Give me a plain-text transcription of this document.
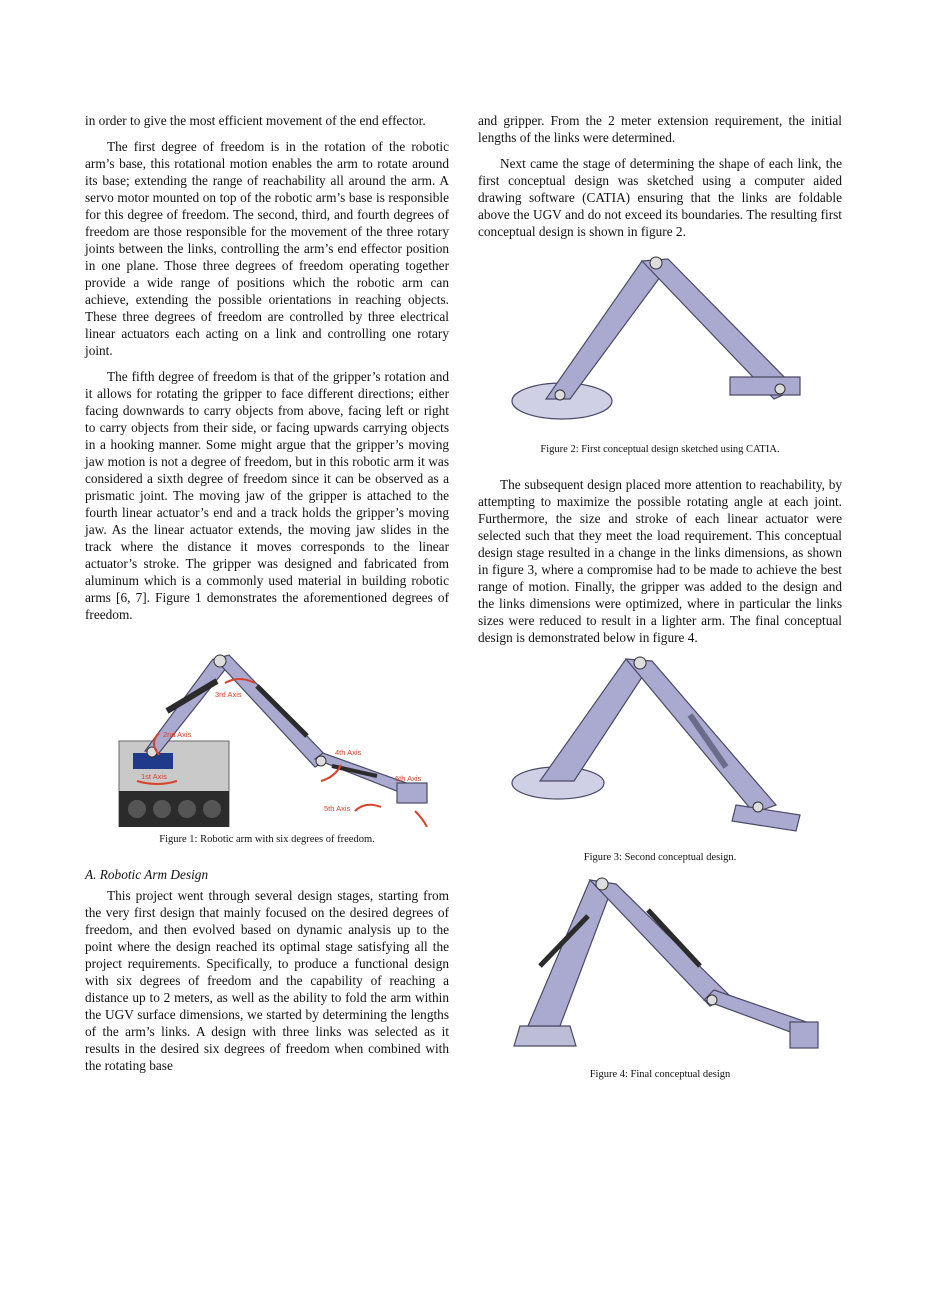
in order to give the most efficient movement of the end effector.

The first degree of freedom is in the rotation of the robotic arm’s base, this rotational motion enables the arm to rotate around its base; extending the range of reachability all around the arm. A servo motor mounted on top of the robotic arm’s base is responsible for this degree of freedom. The second, third, and fourth degrees of freedom are those responsible for the movement of the three rotary joints between the links, controlling the arm’s end effector position in one plane. Those three degrees of freedom operating together provide a wide range of positions which the robotic arm can achieve, extending the possible orientations in reaching objects. These three degrees of freedom are controlled by three electrical linear actuators each acting on a link and controlling one rotary joint.

The fifth degree of freedom is that of the gripper’s rotation and it allows for rotating the gripper to face different directions; either facing downwards to carry objects from above, facing left or right to carry objects from their side, or facing upwards carrying objects in a hooking manner. Some might argue that the gripper’s moving jaw motion is not a degree of freedom, but in this robotic arm it was considered a sixth degree of freedom since it can be observed as a prismatic joint. The moving jaw of the gripper is attached to the fourth linear actuator’s end and a track holds the gripper’s moving jaw. As the linear actuator extends, the moving jaw slides in the track where the distance it moves corresponds to the linear actuator’s stroke. The gripper was designed and fabricated from aluminum which is a commonly used material in building robotic arms [6, 7]. Figure 1 demonstrates the aforementioned degrees of freedom.

1st Axis
2nd Axis
3rd Axis
4th Axis
5th Axis
6th Axis
Figure 1: Robotic arm with six degrees of freedom.
A. Robotic Arm Design

This project went through several design stages, starting from the very first design that mainly focused on the desired degrees of freedom, and then evolved based on dynamic analysis up to the point where the design reached its optimal stage satisfying all the project requirements. Specifically, to produce a functional design with six degrees of freedom and the capability of reaching a distance up to 2 meters, as well as the ability to fold the arm within the UGV surface dimensions, we started by determining the lengths of the arm’s links. A design with three links was selected as it results in the desired six degrees of freedom when combined with the rotating base

and gripper. From the 2 meter extension requirement, the initial lengths of the links were determined.

Next came the stage of determining the shape of each link, the first conceptual design was sketched using a computer aided drawing software (CATIA) ensuring that the links are foldable above the UGV and do not exceed its boundaries. The resulting first conceptual design is shown in figure 2.

Figure 2: First conceptual design sketched using CATIA.

The subsequent design placed more attention to reachability, by attempting to maximize the possible rotating angle at each joint. Furthermore, the size and stroke of each linear actuator were selected such that they meet the load requirement. This conceptual design stage resulted in a change in the links dimensions, as shown in figure 3, where a compromise had to be made to achieve the best range of motion. Finally, the gripper was added to the design and the links dimensions were optimized, where in particular the links sizes were reduced to result in a lighter arm. The final conceptual design is demonstrated below in figure 4.

Figure 3: Second conceptual design.
Figure 4: Final conceptual design
